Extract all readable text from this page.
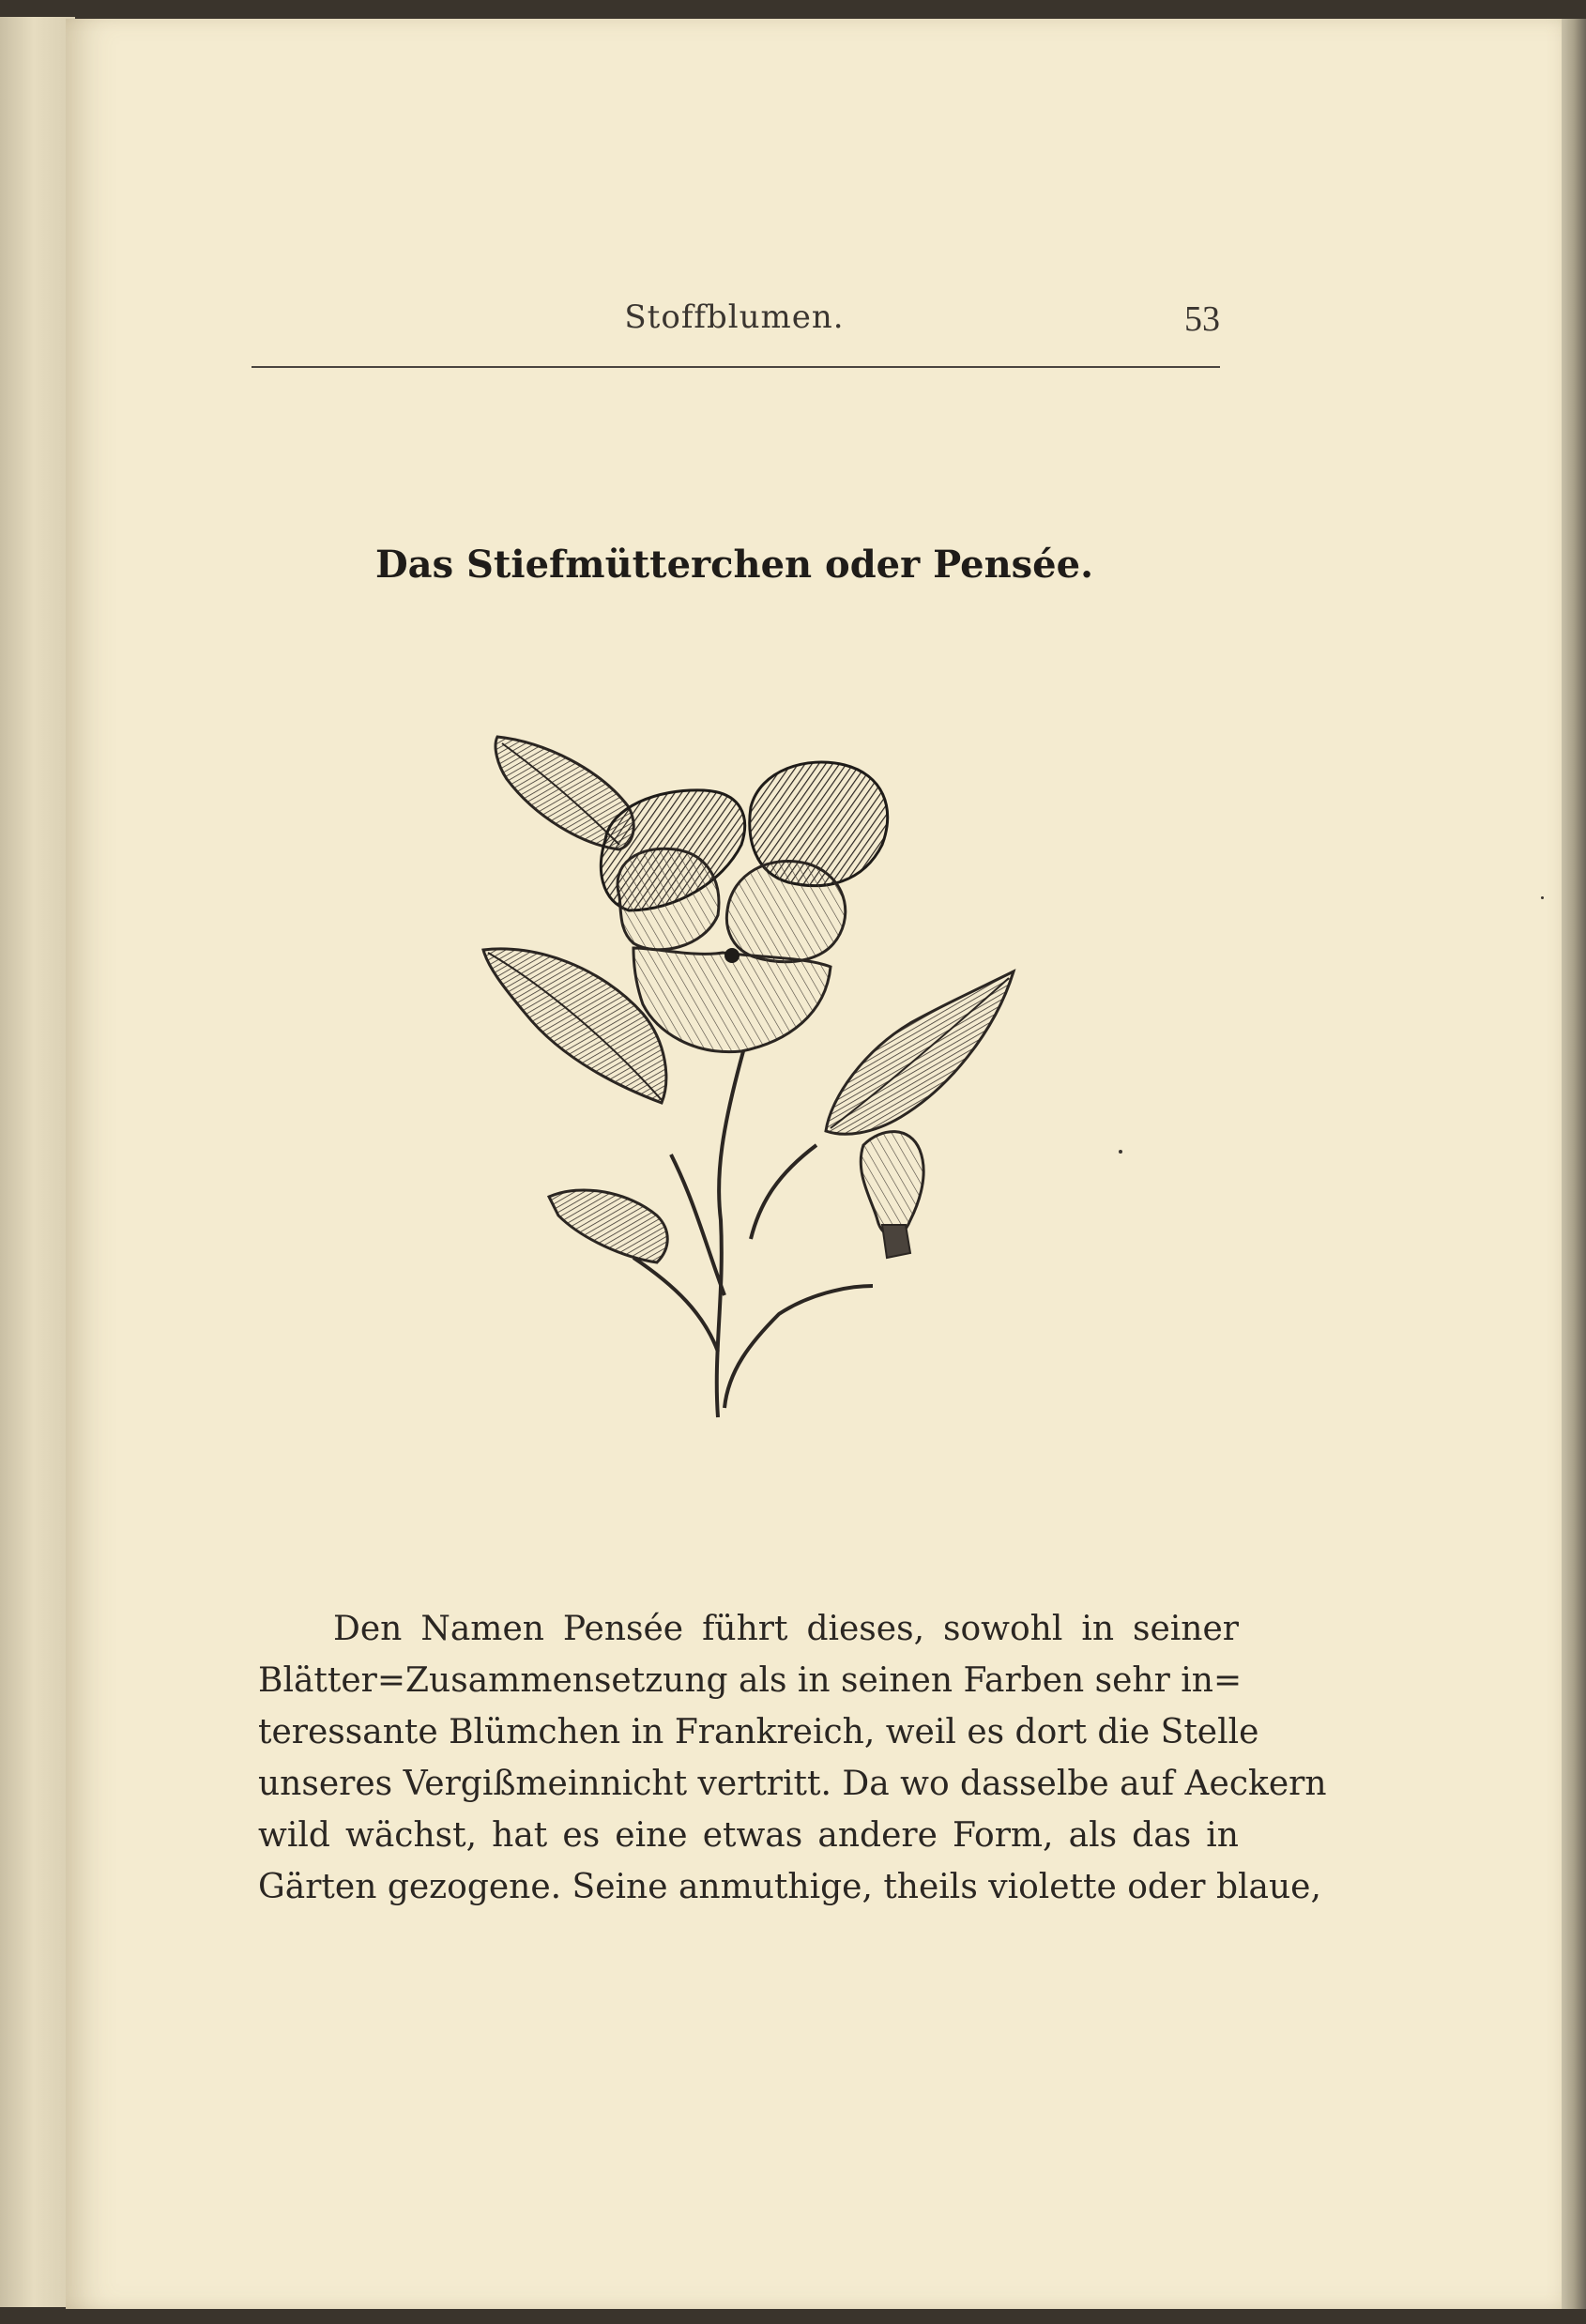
Stoffblumen.	53
Das Stiefmütterchen oder Pensée.
Den Namen Pensée führt dieses, sowohl in seiner
Blätter=Zusammensetzung als in seinen Farben sehr in=
teressante Blümchen in Frankreich, weil es dort die Stelle
unseres Vergißmeinnicht vertritt. Da wo dasselbe auf Aeckern
wild wächst, hat es eine etwas andere Form, als das in
Gärten gezogene. Seine anmuthige, theils violette oder blaue,
